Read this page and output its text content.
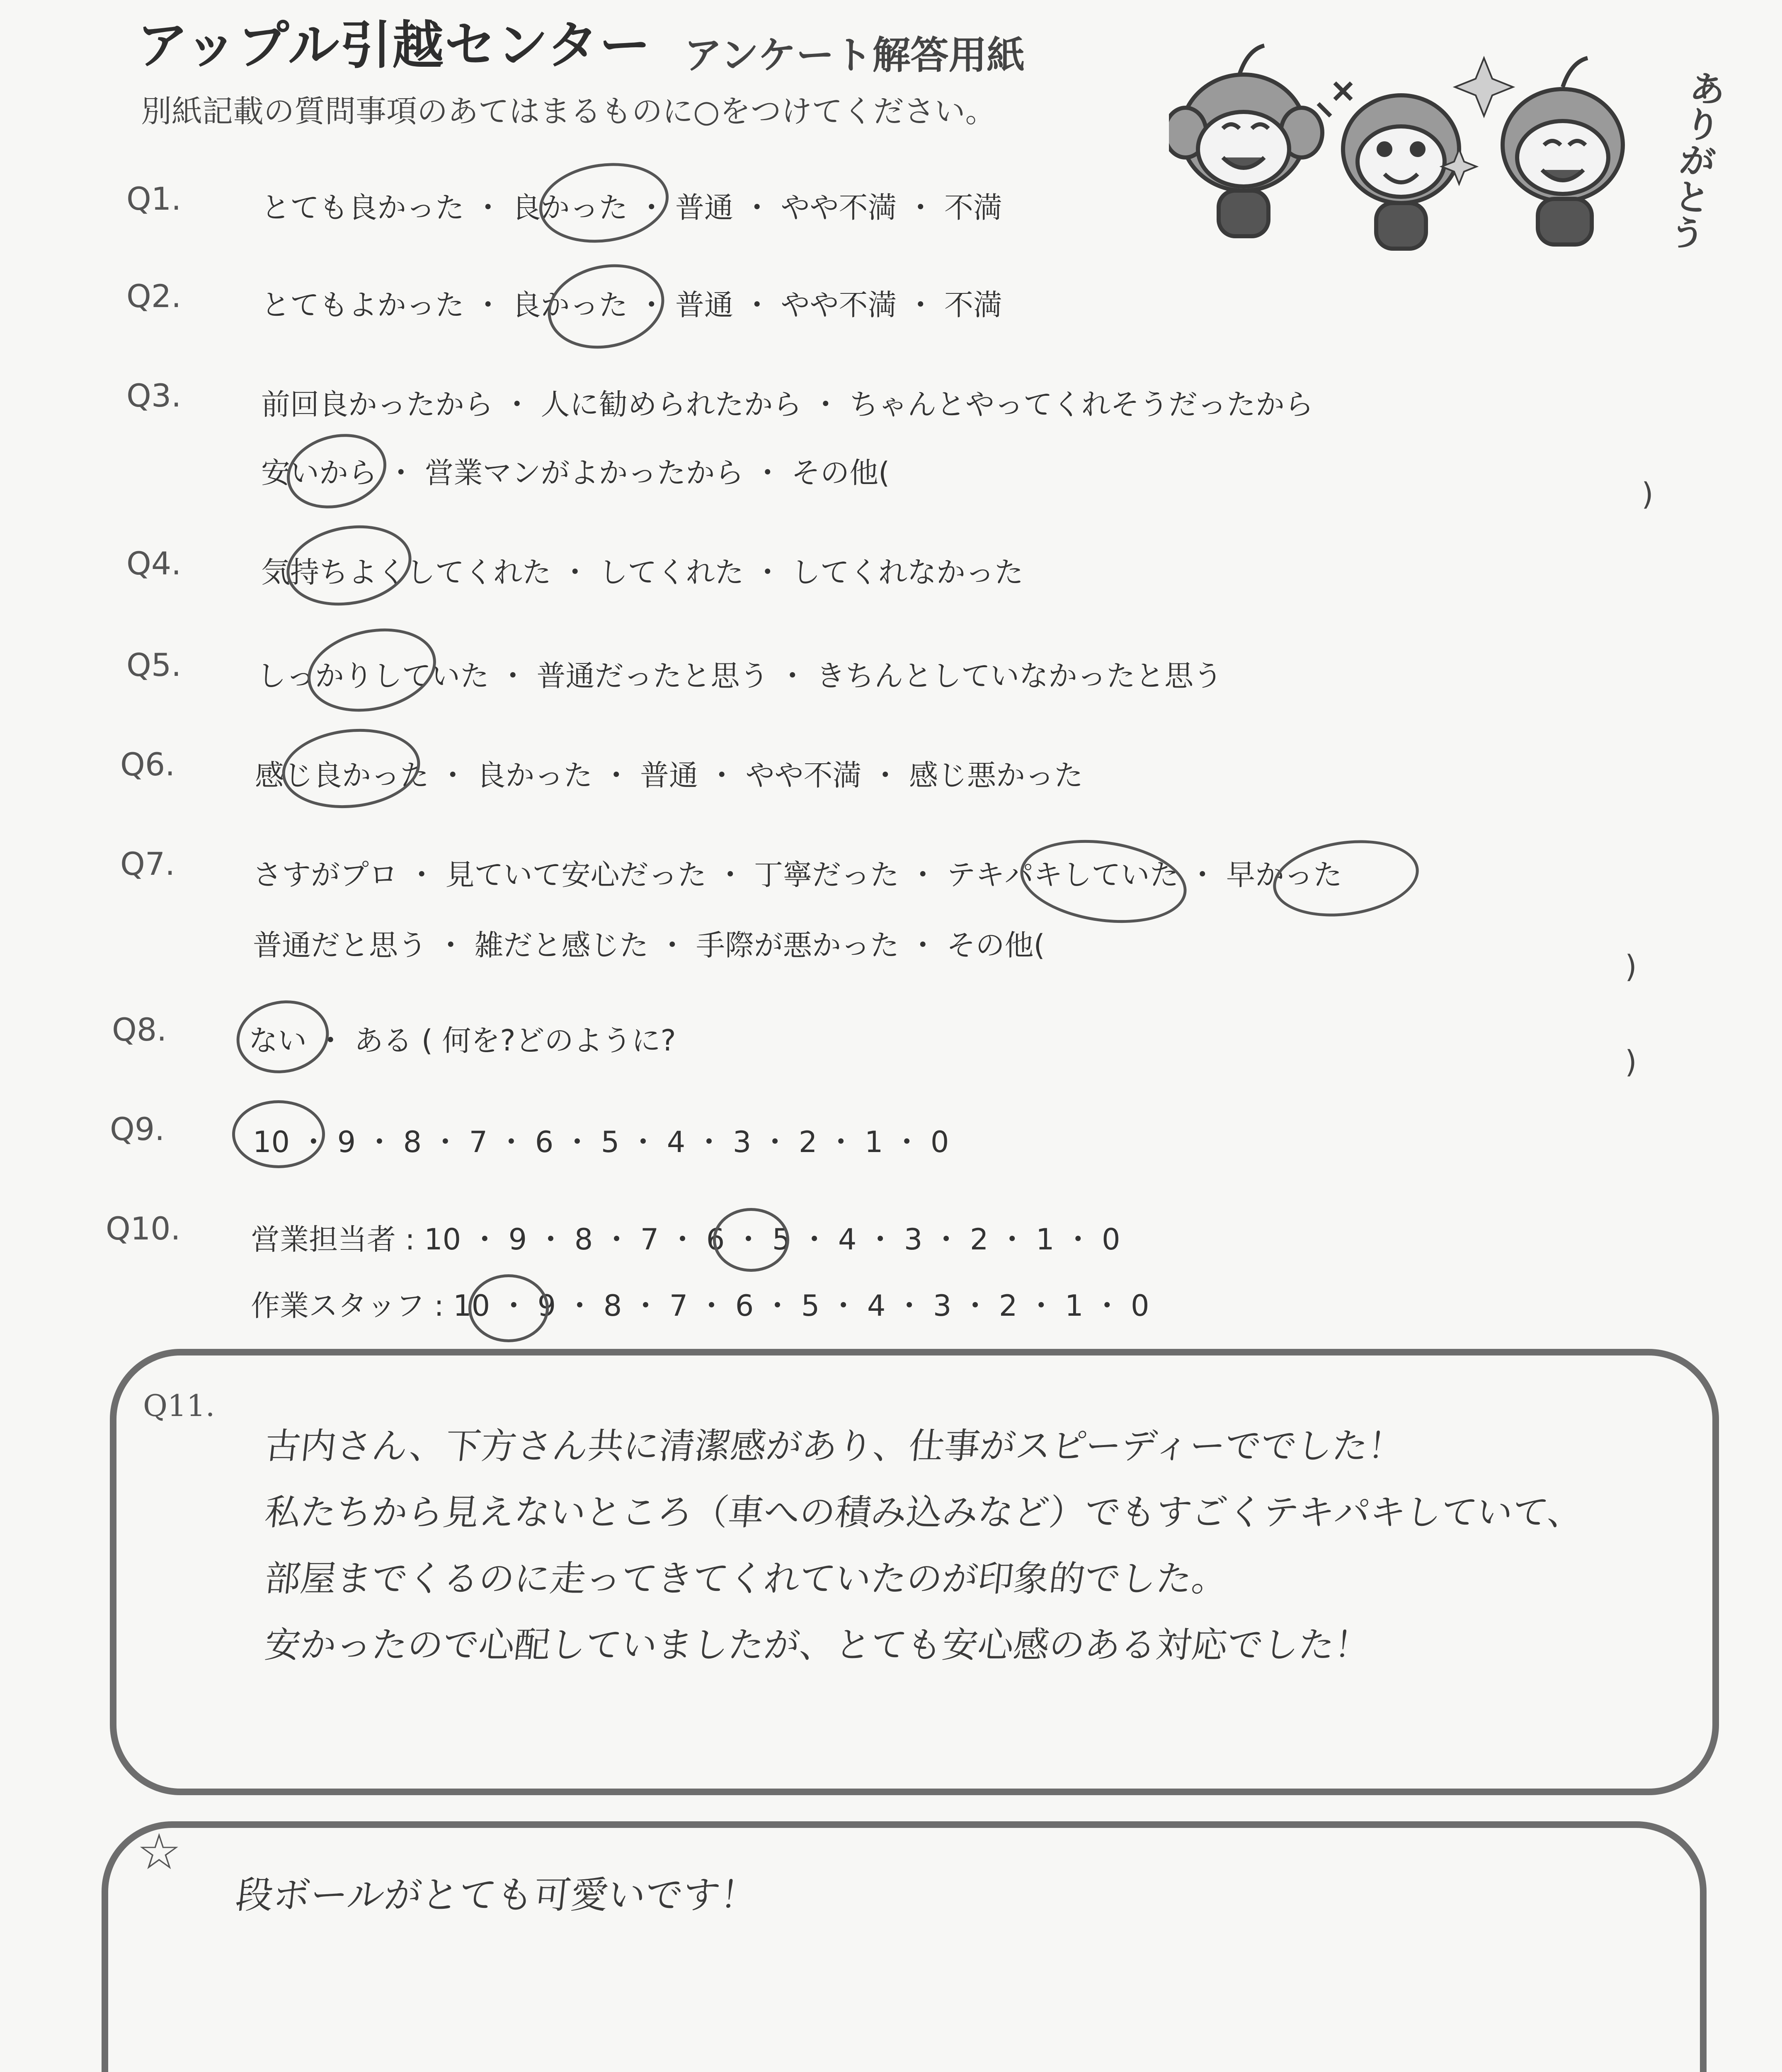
アップル引越センター アンケート解答用紙
別紙記載の質問事項のあてはまるものに○をつけてください。	ありがとう
Q1.	とても良かった ・ 良かった ・ 普通 ・ やや不満 ・ 不満
Q2.	とてもよかった ・ 良かった ・ 普通 ・ やや不満 ・ 不満
Q3.	前回良かったから ・ 人に勧められたから ・ ちゃんとやってくれそうだったから
安いから ・ 営業マンがよかったから ・ その他(
)
Q4.	気持ちよくしてくれた ・ してくれた ・ してくれなかった
Q5.	しっかりしていた ・ 普通だったと思う ・ きちんとしていなかったと思う
Q6.	感じ良かった ・ 良かった ・ 普通 ・ やや不満 ・ 感じ悪かった
Q7.	さすがプロ ・ 見ていて安心だった ・ 丁寧だった ・ テキパキしていた ・ 早かった
普通だと思う ・ 雑だと感じた ・ 手際が悪かった ・ その他(
)
Q8.	ない ・ ある ( 何を?どのように?
)
Q9.	10 ・ 9 ・ 8 ・ 7 ・ 6 ・ 5 ・ 4 ・ 3 ・ 2 ・ 1 ・ 0
Q10. 営業担当者 : 10 ・ 9 ・ 8 ・ 7 ・ 6 ・ 5 ・ 4 ・ 3 ・ 2 ・ 1 ・ 0
作業スタッフ : 10 ・ 9 ・ 8 ・ 7 ・ 6 ・ 5 ・ 4 ・ 3 ・ 2 ・ 1 ・ 0
Q11.
古内さん、下方さん共に清潔感があり、仕事がスピーディーででした！
私たちから見えないところ（車への積み込みなど）でもすごくテキパキしていて、
部屋までくるのに走ってきてくれていたのが印象的でした。
安かったので心配していましたが、とても安心感のある対応でした！
☆
段ボールがとても可愛いです！
